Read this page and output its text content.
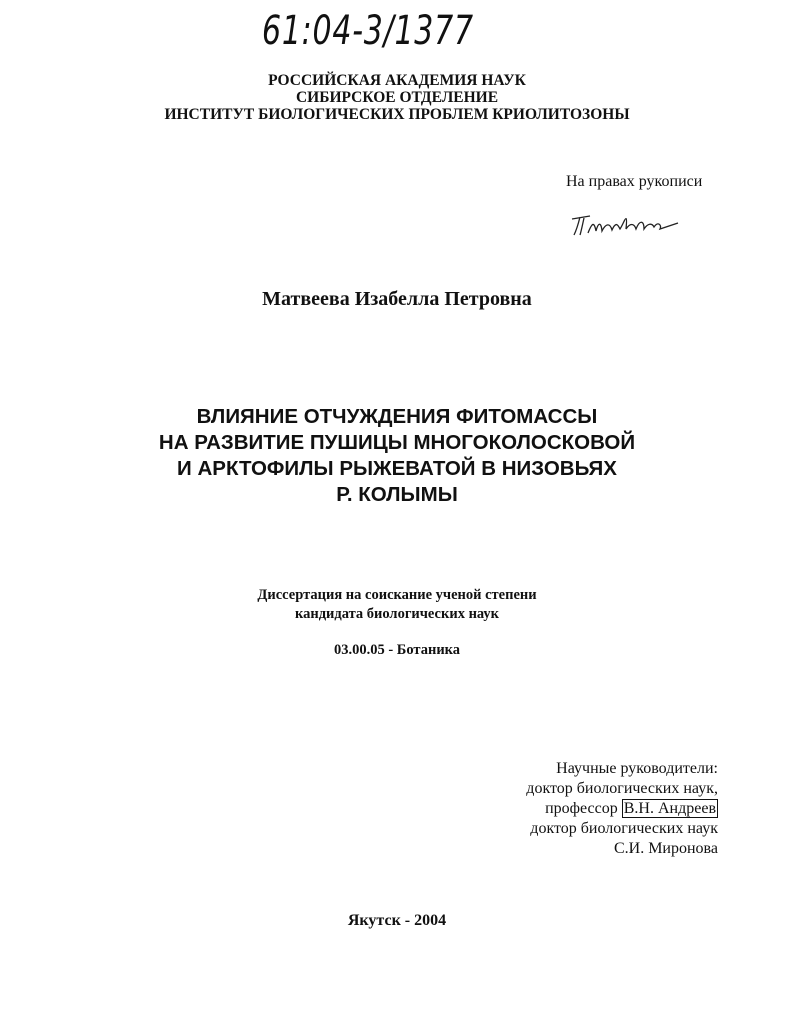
61:04-3/1377
РОССИЙСКАЯ АКАДЕМИЯ НАУК
СИБИРСКОЕ ОТДЕЛЕНИЕ
ИНСТИТУТ БИОЛОГИЧЕСКИХ ПРОБЛЕМ КРИОЛИТОЗОНЫ
На правах рукописи
Матвеева Изабелла Петровна
ВЛИЯНИЕ ОТЧУЖДЕНИЯ ФИТОМАССЫ
НА РАЗВИТИЕ ПУШИЦЫ МНОГОКОЛОСКОВОЙ
И АРКТОФИЛЫ РЫЖЕВАТОЙ В НИЗОВЬЯХ
Р. КОЛЫМЫ
Диссертация на соискание ученой степени
кандидата биологических наук
03.00.05 - Ботаника
Научные руководители:
доктор биологических наук,
профессор В.Н. Андреев
доктор биологических наук
С.И. Миронова
Якутск - 2004
